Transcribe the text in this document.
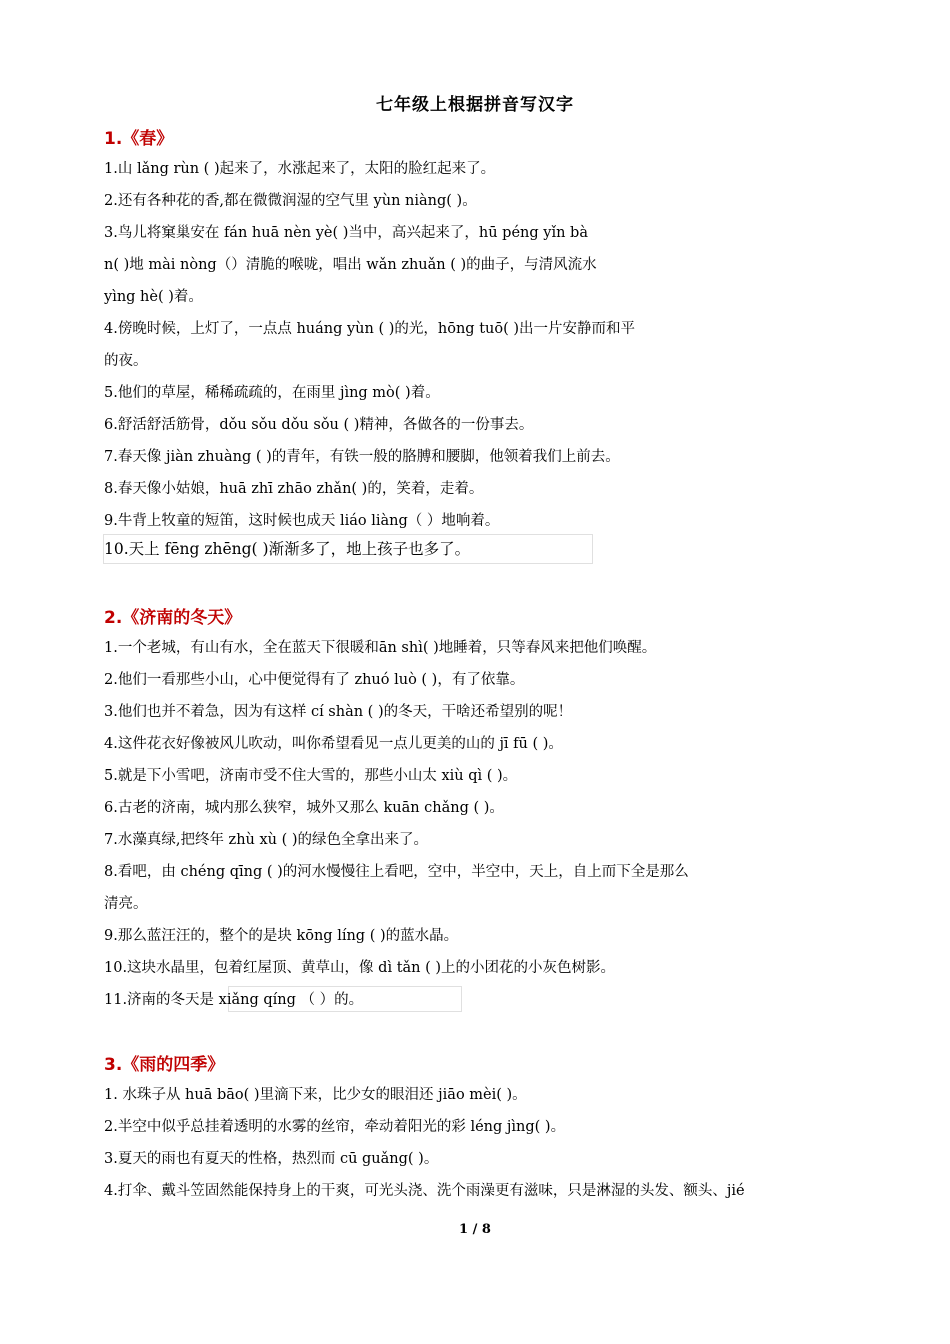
七年级上根据拼音写汉字
1.《春》
1.山 lǎng rùn ( )起来了，水涨起来了，太阳的脸红起来了。
2.还有各种花的香,都在微微润湿的空气里 yùn niàng( )。
3.鸟儿将窠巢安在 fán huā nèn yè( )当中，高兴起来了，hū péng yǐn bà
n( )地 mài nòng（）清脆的喉咙，唱出 wǎn zhuǎn ( )的曲子，与清风流水
yìng hè( )着。
4.傍晚时候，上灯了，一点点 huáng yùn ( )的光，hōng tuō( )出一片安静而和平
的夜。
5.他们的草屋，稀稀疏疏的，在雨里 jìng mò( )着。
6.舒活舒活筋骨，dǒu sǒu dǒu sǒu ( )精神，各做各的一份事去。
7.春天像 jiàn zhuàng ( )的青年，有铁一般的胳膊和腰脚，他领着我们上前去。
8.春天像小姑娘，huā zhī zhāo zhǎn( )的，笑着，走着。
9.牛背上牧童的短笛，这时候也成天 liáo liàng（ ）地响着。
10.天上 fēng zhēng( )渐渐多了，地上孩子也多了。
2.《济南的冬天》
1.一个老城，有山有水，全在蓝天下很暖和ān shì( )地睡着，只等春风来把他们唤醒。
2.他们一看那些小山，心中便觉得有了 zhuó luò ( )，有了依靠。
3.他们也并不着急，因为有这样 cí shàn ( )的冬天，干啥还希望别的呢！
4.这件花衣好像被风儿吹动，叫你希望看见一点儿更美的山的 jī fū ( )。
5.就是下小雪吧，济南市受不住大雪的，那些小山太 xiù qì ( )。
6.古老的济南，城内那么狭窄，城外又那么 kuān chǎng ( )。
7.水藻真绿,把终年 zhù xù ( )的绿色全拿出来了。
8.看吧，由 chéng qīng ( )的河水慢慢往上看吧，空中，半空中，天上，自上而下全是那么
清亮。
9.那么蓝汪汪的，整个的是块 kōng líng ( )的蓝水晶。
10.这块水晶里，包着红屋顶、黄草山，像 dì tǎn ( )上的小团花的小灰色树影。
11.济南的冬天是 xiǎng qíng （ ）的。
3.《雨的四季》
1. 水珠子从 huā bāo( )里滴下来，比少女的眼泪还 jiāo mèi( )。
2.半空中似乎总挂着透明的水雾的丝帘，牵动着阳光的彩 léng jìng( )。
3.夏天的雨也有夏天的性格，热烈而 cū guǎng( )。
4.打伞、戴斗笠固然能保持身上的干爽，可光头浇、洗个雨澡更有滋味，只是淋湿的头发、额头、jié
1 / 8
